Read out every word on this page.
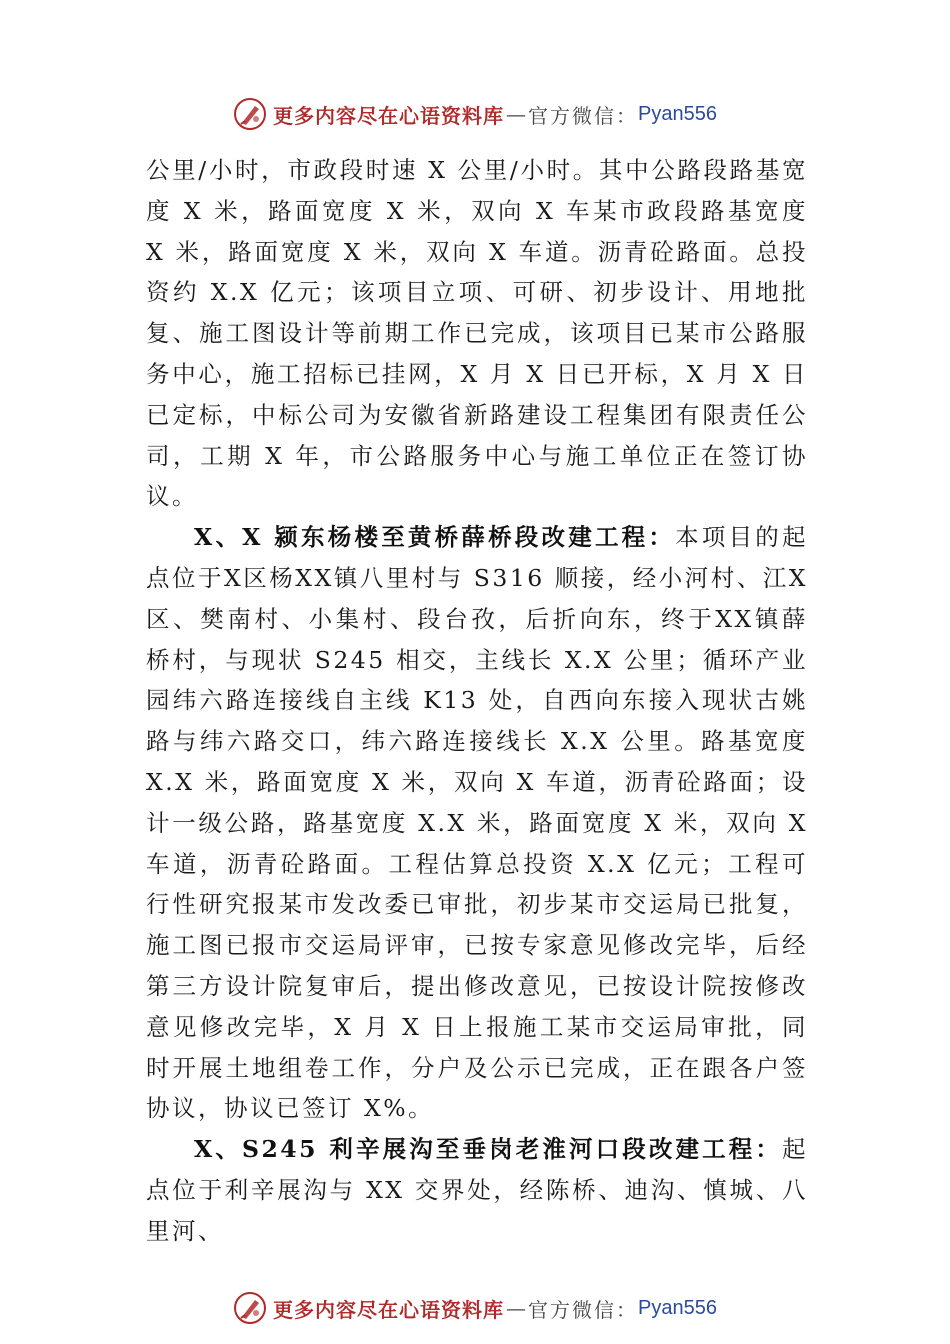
更多内容尽在心语资料库 — 官方微信： Pyan556

公里/小时，市政段时速 X 公里/小时。其中公路段路基宽度 X 米，路面宽度 X 米，双向 X 车某市政段路基宽度 X 米，路面宽度 X 米，双向 X 车道。沥青砼路面。总投资约 X.X 亿元；该项目立项、可研、初步设计、用地批复、施工图设计等前期工作已完成，该项目已某市公路服务中心，施工招标已挂网，X 月 X 日已开标，X 月 X 日已定标，中标公司为安徽省新路建设工程集团有限责任公司，工期 X 年，市公路服务中心与施工单位正在签订协议。

X、X 颍东杨楼至黄桥薛桥段改建工程：本项目的起点位于X区杨XX镇八里村与 S316 顺接，经小河村、江X区、樊南村、小集村、段台孜，后折向东，终于XX镇薛桥村，与现状 S245 相交，主线长 X.X 公里；循环产业园纬六路连接线自主线 K13 处，自西向东接入现状古姚路与纬六路交口，纬六路连接线长 X.X 公里。路基宽度 X.X 米，路面宽度 X 米，双向 X 车道，沥青砼路面；设计一级公路，路基宽度 X.X 米，路面宽度 X 米，双向 X 车道，沥青砼路面。工程估算总投资 X.X 亿元；工程可行性研究报某市发改委已审批，初步某市交运局已批复，施工图已报市交运局评审，已按专家意见修改完毕，后经第三方设计院复审后，提出修改意见，已按设计院按修改意见修改完毕，X 月 X 日上报施工某市交运局审批，同时开展土地组卷工作，分户及公示已完成，正在跟各户签协议，协议已签订 X%。

X、S245 利辛展沟至垂岗老淮河口段改建工程：起点位于利辛展沟与 XX 交界处，经陈桥、迪沟、慎城、八里河、

更多内容尽在心语资料库 — 官方微信： Pyan556
